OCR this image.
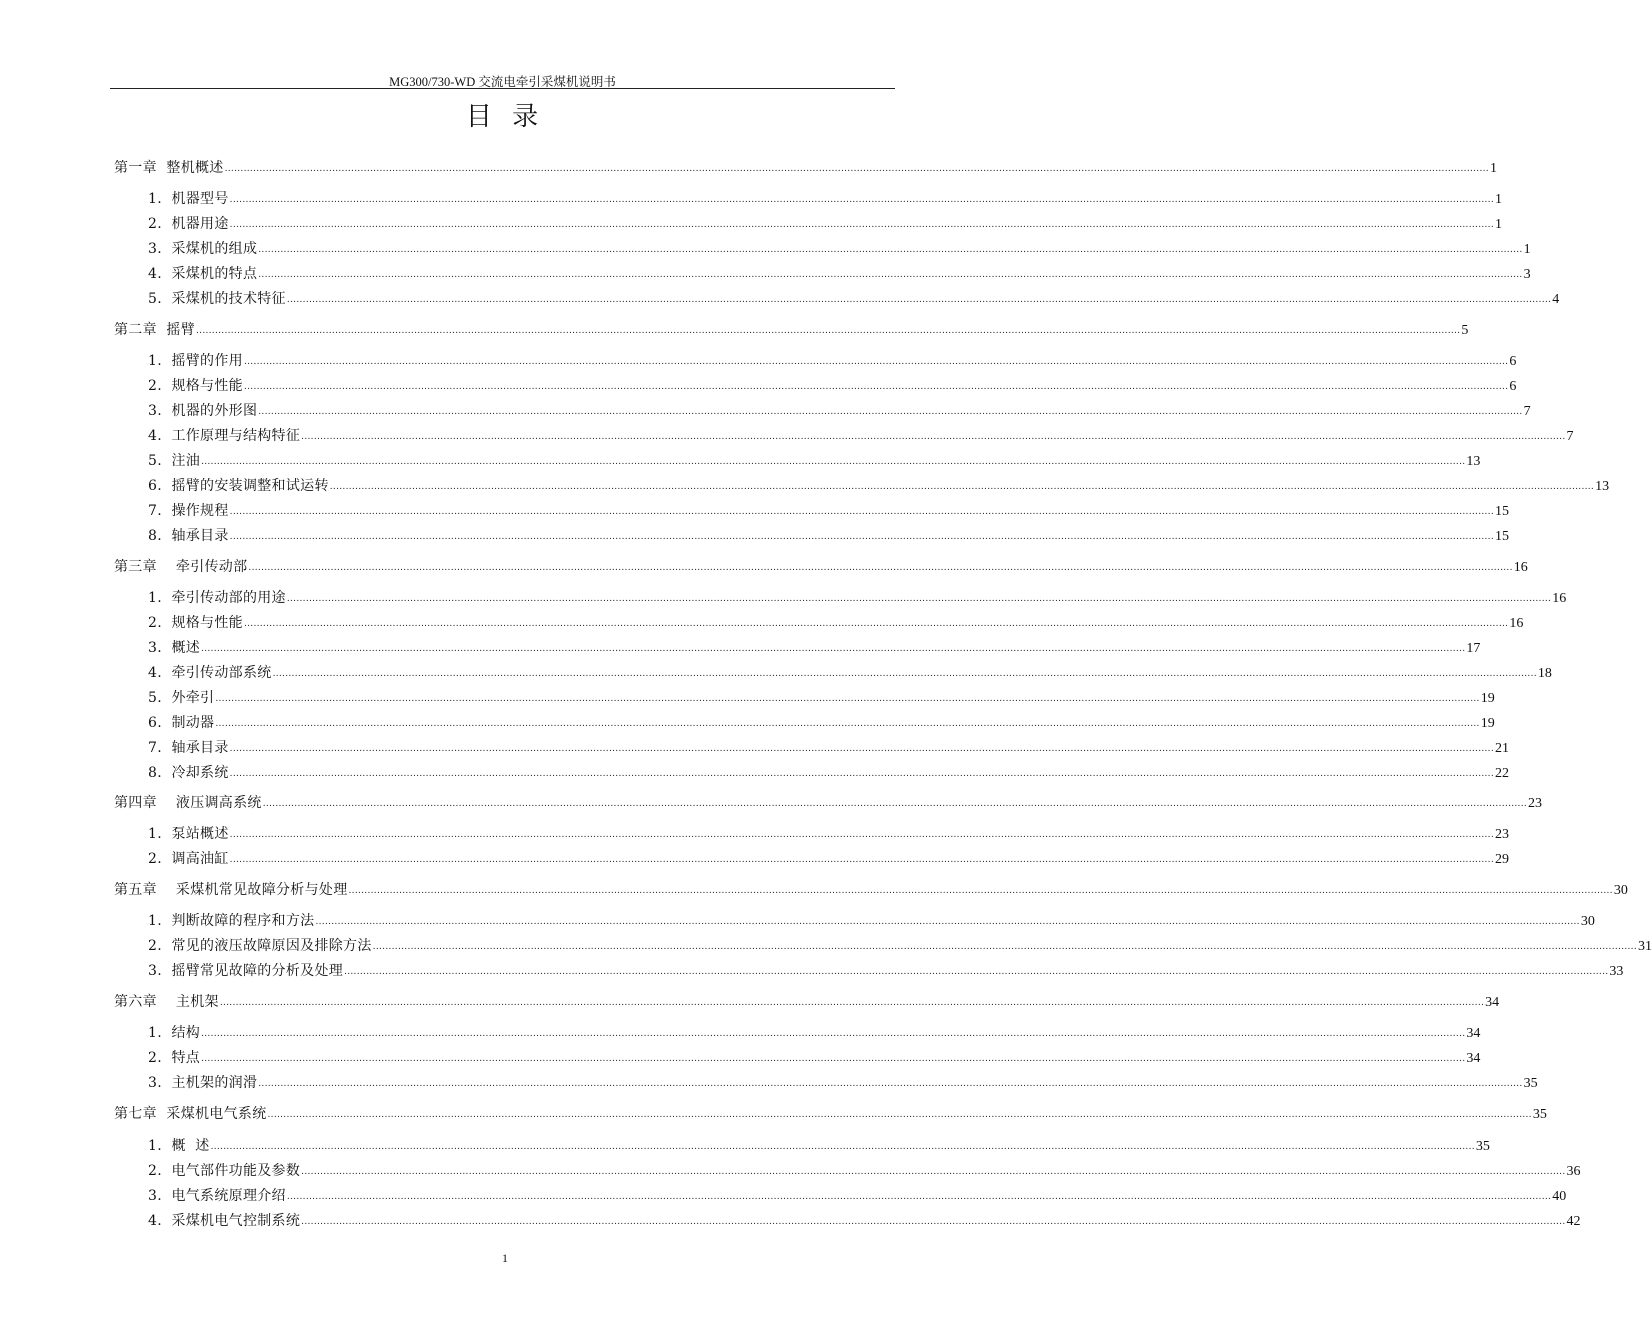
MG300/730-WD 交流电牵引采煤机说明书
目 录
第一章  整机概述 ................................................................................................................................................................................................................................................................................................................................................................................................................ 1
1.  机器型号 ................................................................................................................................................................................................................................................................................................................................................................................................................ 1
2.  机器用途 ................................................................................................................................................................................................................................................................................................................................................................................................................ 1
3.  采煤机的组成 ................................................................................................................................................................................................................................................................................................................................................................................................................ 1
4.  采煤机的特点 ................................................................................................................................................................................................................................................................................................................................................................................................................ 3
5.  采煤机的技术特征 ................................................................................................................................................................................................................................................................................................................................................................................................................ 4
第二章  摇臂 ................................................................................................................................................................................................................................................................................................................................................................................................................ 5
1.  摇臂的作用 ................................................................................................................................................................................................................................................................................................................................................................................................................ 6
2.  规格与性能 ................................................................................................................................................................................................................................................................................................................................................................................................................ 6
3.  机器的外形图 ................................................................................................................................................................................................................................................................................................................................................................................................................ 7
4.  工作原理与结构特征 ................................................................................................................................................................................................................................................................................................................................................................................................................ 7
5.  注油 ................................................................................................................................................................................................................................................................................................................................................................................................................ 13
6.  摇臂的安装调整和试运转 ................................................................................................................................................................................................................................................................................................................................................................................................................ 13
7.  操作规程 ................................................................................................................................................................................................................................................................................................................................................................................................................ 15
8.  轴承目录 ................................................................................................................................................................................................................................................................................................................................................................................................................ 15
第三章    牵引传动部 ................................................................................................................................................................................................................................................................................................................................................................................................................ 16
1.  牵引传动部的用途 ................................................................................................................................................................................................................................................................................................................................................................................................................ 16
2.  规格与性能 ................................................................................................................................................................................................................................................................................................................................................................................................................ 16
3.  概述 ................................................................................................................................................................................................................................................................................................................................................................................................................ 17
4.  牵引传动部系统 ................................................................................................................................................................................................................................................................................................................................................................................................................ 18
5.  外牵引 ................................................................................................................................................................................................................................................................................................................................................................................................................ 19
6.  制动器 ................................................................................................................................................................................................................................................................................................................................................................................................................ 19
7.  轴承目录 ................................................................................................................................................................................................................................................................................................................................................................................................................ 21
8.  冷却系统 ................................................................................................................................................................................................................................................................................................................................................................................................................ 22
第四章    液压调高系统 ................................................................................................................................................................................................................................................................................................................................................................................................................ 23
1.  泵站概述 ................................................................................................................................................................................................................................................................................................................................................................................................................ 23
2.  调高油缸 ................................................................................................................................................................................................................................................................................................................................................................................................................ 29
第五章    采煤机常见故障分析与处理 ................................................................................................................................................................................................................................................................................................................................................................................................................ 30
1.  判断故障的程序和方法 ................................................................................................................................................................................................................................................................................................................................................................................................................ 30
2.  常见的液压故障原因及排除方法 ................................................................................................................................................................................................................................................................................................................................................................................................................ 31
3.  摇臂常见故障的分析及处理 ................................................................................................................................................................................................................................................................................................................................................................................................................ 33
第六章    主机架 ................................................................................................................................................................................................................................................................................................................................................................................................................ 34
1.  结构 ................................................................................................................................................................................................................................................................................................................................................................................................................ 34
2.  特点 ................................................................................................................................................................................................................................................................................................................................................................................................................ 34
3.  主机架的润滑 ................................................................................................................................................................................................................................................................................................................................................................................................................ 35
第七章  采煤机电气系统 ................................................................................................................................................................................................................................................................................................................................................................................................................ 35
1.  概  述 ................................................................................................................................................................................................................................................................................................................................................................................................................ 35
2.  电气部件功能及参数 ................................................................................................................................................................................................................................................................................................................................................................................................................ 36
3.  电气系统原理介绍 ................................................................................................................................................................................................................................................................................................................................................................................................................ 40
4.  采煤机电气控制系统 ................................................................................................................................................................................................................................................................................................................................................................................................................ 42
1
